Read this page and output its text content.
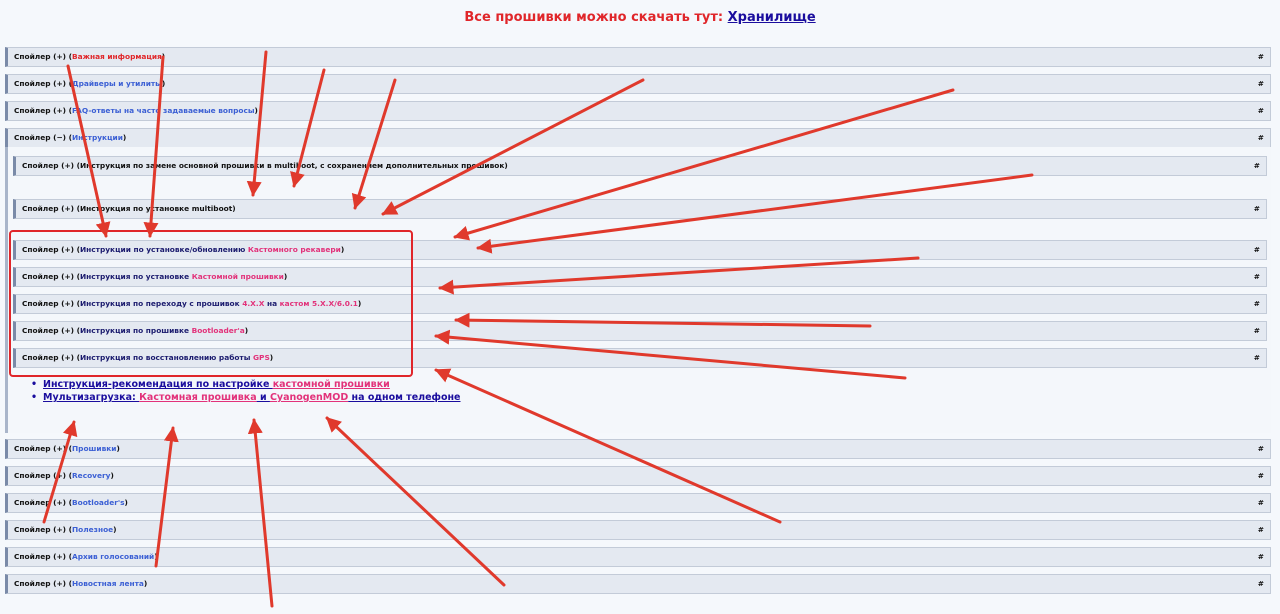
Все прошивки можно скачать тут: Хранилище
Спойлер (+) (Важная информация)	#
Спойлер (+) (Драйверы и утилиты)	#
Спойлер (+) (FAQ-ответы на часто задаваемые вопросы)	#
Спойлер (−) (Инструкции)	#
Спойлер (+) (Инструкция по замене основной прошивки в multiboot, с сохранением дополнительных прошивок)	#
Спойлер (+) (Инструкция по установке multiboot)	#
Спойлер (+) (Инструкции по установке/обновлению Кастомного рекавери)	#
Спойлер (+) (Инструкция по установке Кастомной прошивки)	#
Спойлер (+) (Инструкция по переходу с прошивок 4.X.X на кастом 5.X.X/6.0.1)	#
Спойлер (+) (Инструкция по прошивке Bootloader'a)	#
Спойлер (+) (Инструкция по восстановлению работы GPS)	#
• Инструкция-рекомендация по настройке кастомной прошивки
• Мультизагрузка: Кастомная прошивка и CyanogenMOD на одном телефоне
Спойлер (+) (Прошивки)	#
Спойлер (+) (Recovery)	#
Спойлер (+) (Bootloader's)	#
Спойлер (+) (Полезное)	#
Спойлер (+) (Архив голосований)	#
Спойлер (+) (Новостная лента)	#
